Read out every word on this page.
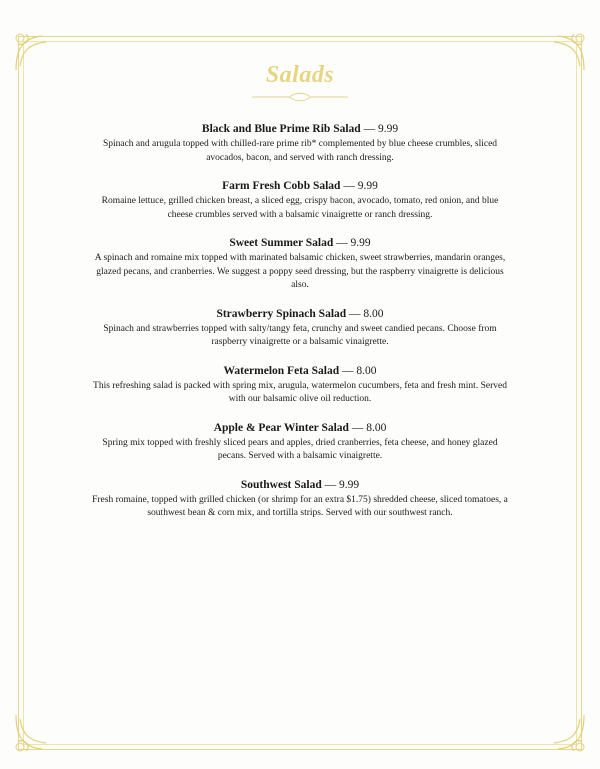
Salads
Black and Blue Prime Rib Salad — 9.99
Spinach and arugula topped with chilled-rare prime rib* complemented by blue cheese crumbles, sliced avocados, bacon, and served with ranch dressing.
Farm Fresh Cobb Salad — 9.99
Romaine lettuce, grilled chicken breast, a sliced egg, crispy bacon, avocado, tomato, red onion, and blue cheese crumbles served with a balsamic vinaigrette or ranch dressing.
Sweet Summer Salad — 9.99
A spinach and romaine mix topped with marinated balsamic chicken, sweet strawberries, mandarin oranges, glazed pecans, and cranberries. We suggest a poppy seed dressing, but the raspberry vinaigrette is delicious also.
Strawberry Spinach Salad — 8.00
Spinach and strawberries topped with salty/tangy feta, crunchy and sweet candied pecans. Choose from raspberry vinaigrette or a balsamic vinaigrette.
Watermelon Feta Salad — 8.00
This refreshing salad is packed with spring mix, arugula, watermelon cucumbers, feta and fresh mint. Served with our balsamic olive oil reduction.
Apple & Pear Winter Salad — 8.00
Spring mix topped with freshly sliced pears and apples, dried cranberries, feta cheese, and honey glazed pecans. Served with a balsamic vinaigrette.
Southwest Salad — 9.99
Fresh romaine, topped with grilled chicken (or shrimp for an extra $1.75) shredded cheese, sliced tomatoes, a southwest bean & corn mix, and tortilla strips. Served with our southwest ranch.
